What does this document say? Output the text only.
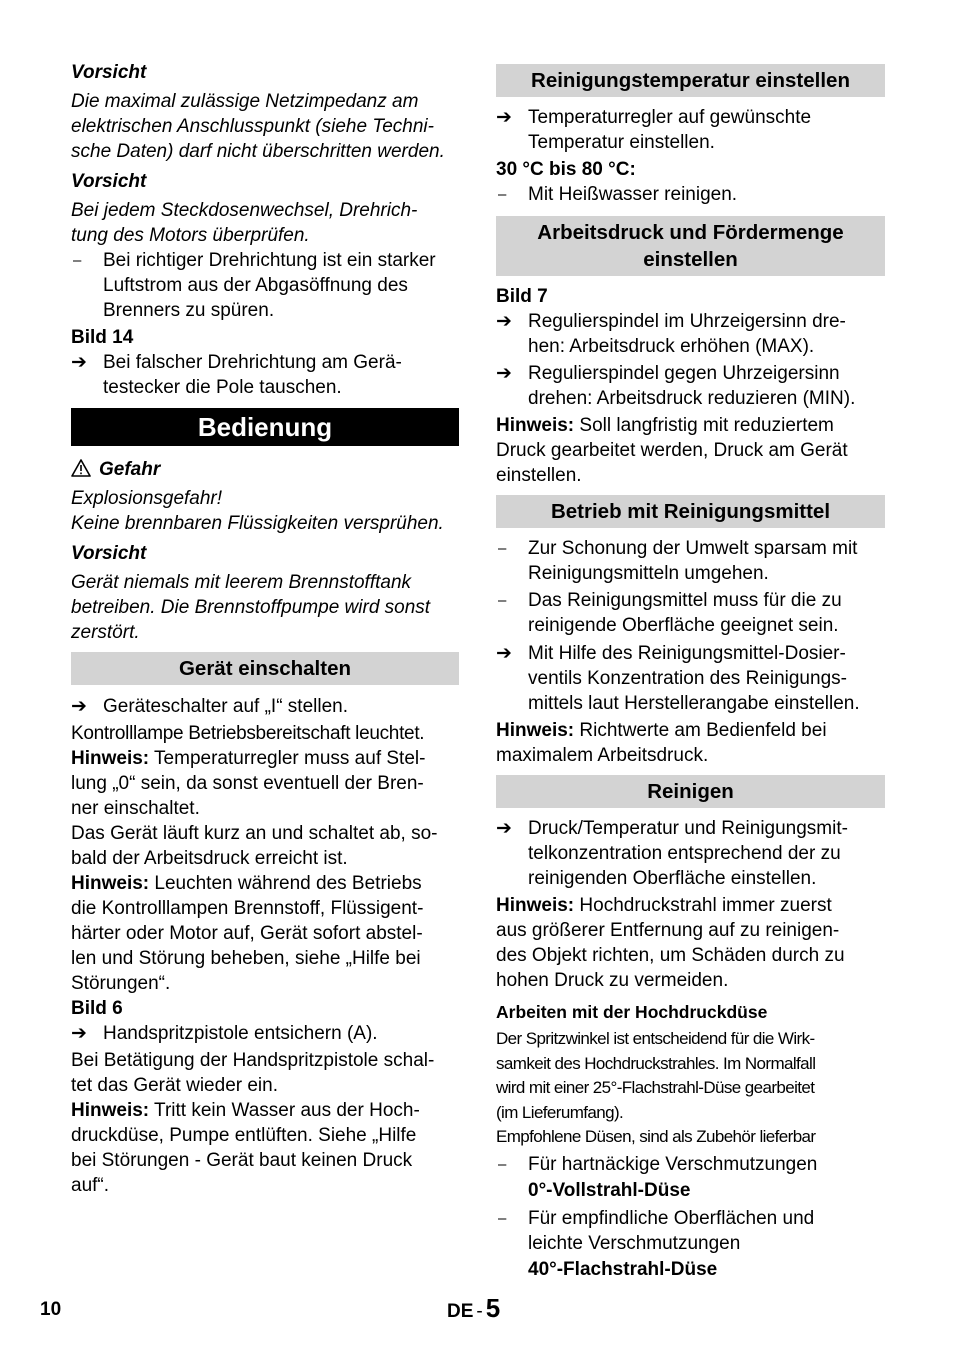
Vorsicht
Die maximal zulässige Netzimpedanz am
elektrischen Anschlusspunkt (siehe Techni-
sche Daten) darf nicht überschritten werden.
Vorsicht
Bei jedem Steckdosenwechsel, Drehrich-
tung des Motors überprüfen.
–	Bei richtiger Drehrichtung ist ein starker
Luftstrom aus der Abgasöffnung des
Brenners zu spüren.
Bild 14
➔ Bei falscher Drehrichtung am Gerä-
testecker die Pole tauschen.
Bedienung
Gefahr
Explosionsgefahr!
Keine brennbaren Flüssigkeiten versprühen.
Vorsicht
Gerät niemals mit leerem Brennstofftank
betreiben. Die Brennstoffpumpe wird sonst
zerstört.
Gerät einschalten
➔ Geräteschalter auf „I“ stellen.
Kontrolllampe Betriebsbereitschaft leuchtet.
Hinweis: Temperaturregler muss auf Stel-
lung „0“ sein, da sonst eventuell der Bren-
ner einschaltet.
Das Gerät läuft kurz an und schaltet ab, so-
bald der Arbeitsdruck erreicht ist.
Hinweis: Leuchten während des Betriebs
die Kontrolllampen Brennstoff, Flüssigent-
härter oder Motor auf, Gerät sofort abstel-
len und Störung beheben, siehe „Hilfe bei
Störungen“.
Bild 6
➔ Handspritzpistole entsichern (A).
Bei Betätigung der Handspritzpistole schal-
tet das Gerät wieder ein.
Hinweis: Tritt kein Wasser aus der Hoch-
druckdüse, Pumpe entlüften. Siehe „Hilfe
bei Störungen - Gerät baut keinen Druck
auf“.
Reinigungstemperatur einstellen
➔ Temperaturregler auf gewünschte
Temperatur einstellen.
30 °C bis 80 °C:
–	Mit Heißwasser reinigen.
Arbeitsdruck und Fördermenge
einstellen
Bild 7
➔ Regulierspindel im Uhrzeigersinn dre-
hen: Arbeitsdruck erhöhen (MAX).
➔ Regulierspindel gegen Uhrzeigersinn
drehen: Arbeitsdruck reduzieren (MIN).
Hinweis: Soll langfristig mit reduziertem
Druck gearbeitet werden, Druck am Gerät
einstellen.
Betrieb mit Reinigungsmittel
–	Zur Schonung der Umwelt sparsam mit
Reinigungsmitteln umgehen.
–	Das Reinigungsmittel muss für die zu
reinigende Oberfläche geeignet sein.
➔ Mit Hilfe des Reinigungsmittel-Dosier-
ventils Konzentration des Reinigungs-
mittels laut Herstellerangabe einstellen.
Hinweis: Richtwerte am Bedienfeld bei
maximalem Arbeitsdruck.
Reinigen
➔ Druck/Temperatur und Reinigungsmit-
telkonzentration entsprechend der zu
reinigenden Oberfläche einstellen.
Hinweis: Hochdruckstrahl immer zuerst
aus größerer Entfernung auf zu reinigen-
des Objekt richten, um Schäden durch zu
hohen Druck zu vermeiden.
Arbeiten mit der Hochdruckdüse
Der Spritzwinkel ist entscheidend für die Wirk-
samkeit des Hochdruckstrahles. Im Normalfall
wird mit einer 25°-Flachstrahl-Düse gearbeitet
(im Lieferumfang).
Empfohlene Düsen, sind als Zubehör lieferbar
–	Für hartnäckige Verschmutzungen
0°-Vollstrahl-Düse
–	Für empfindliche Oberflächen und
leichte Verschmutzungen
40°-Flachstrahl-Düse
10	DE - 5
